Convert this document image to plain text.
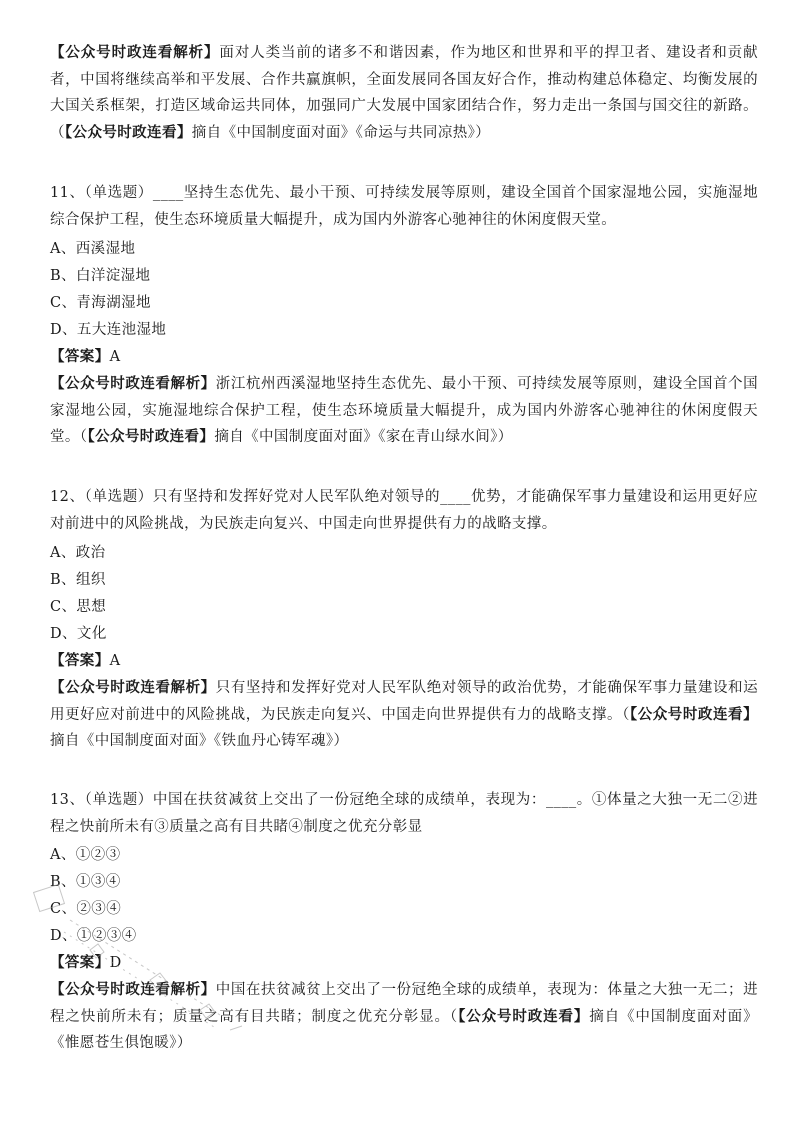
【公众号时政连看解析】面对人类当前的诸多不和谐因素，作为地区和世界和平的捍卫者、建设者和贡献者，中国将继续高举和平发展、合作共赢旗帜，全面发展同各国友好合作，推动构建总体稳定、均衡发展的大国关系框架，打造区域命运共同体，加强同广大发展中国家团结合作，努力走出一条国与国交往的新路。（【公众号时政连看】摘自《中国制度面对面》《命运与共同凉热》）
11、（单选题）____坚持生态优先、最小干预、可持续发展等原则，建设全国首个国家湿地公园，实施湿地综合保护工程，使生态环境质量大幅提升，成为国内外游客心驰神往的休闲度假天堂。
A、西溪湿地
B、白洋淀湿地
C、青海湖湿地
D、五大连池湿地
【答案】A
【公众号时政连看解析】浙江杭州西溪湿地坚持生态优先、最小干预、可持续发展等原则，建设全国首个国家湿地公园，实施湿地综合保护工程，使生态环境质量大幅提升，成为国内外游客心驰神往的休闲度假天堂。（【公众号时政连看】摘自《中国制度面对面》《家在青山绿水间》）
12、（单选题）只有坚持和发挥好党对人民军队绝对领导的____优势，才能确保军事力量建设和运用更好应对前进中的风险挑战，为民族走向复兴、中国走向世界提供有力的战略支撑。
A、政治
B、组织
C、思想
D、文化
【答案】A
【公众号时政连看解析】只有坚持和发挥好党对人民军队绝对领导的政治优势，才能确保军事力量建设和运用更好应对前进中的风险挑战，为民族走向复兴、中国走向世界提供有力的战略支撑。（【公众号时政连看】摘自《中国制度面对面》《铁血丹心铸军魂》）
13、（单选题）中国在扶贫减贫上交出了一份冠绝全球的成绩单，表现为：____。①体量之大独一无二②进程之快前所未有③质量之高有目共睹④制度之优充分彰显
A、①②③
B、①③④
C、②③④
D、①②③④
【答案】D
【公众号时政连看解析】中国在扶贫减贫上交出了一份冠绝全球的成绩单，表现为：体量之大独一无二；进程之快前所未有；质量之高有目共睹；制度之优充分彰显。（【公众号时政连看】摘自《中国制度面对面》《惟愿苍生俱饱暖》）
